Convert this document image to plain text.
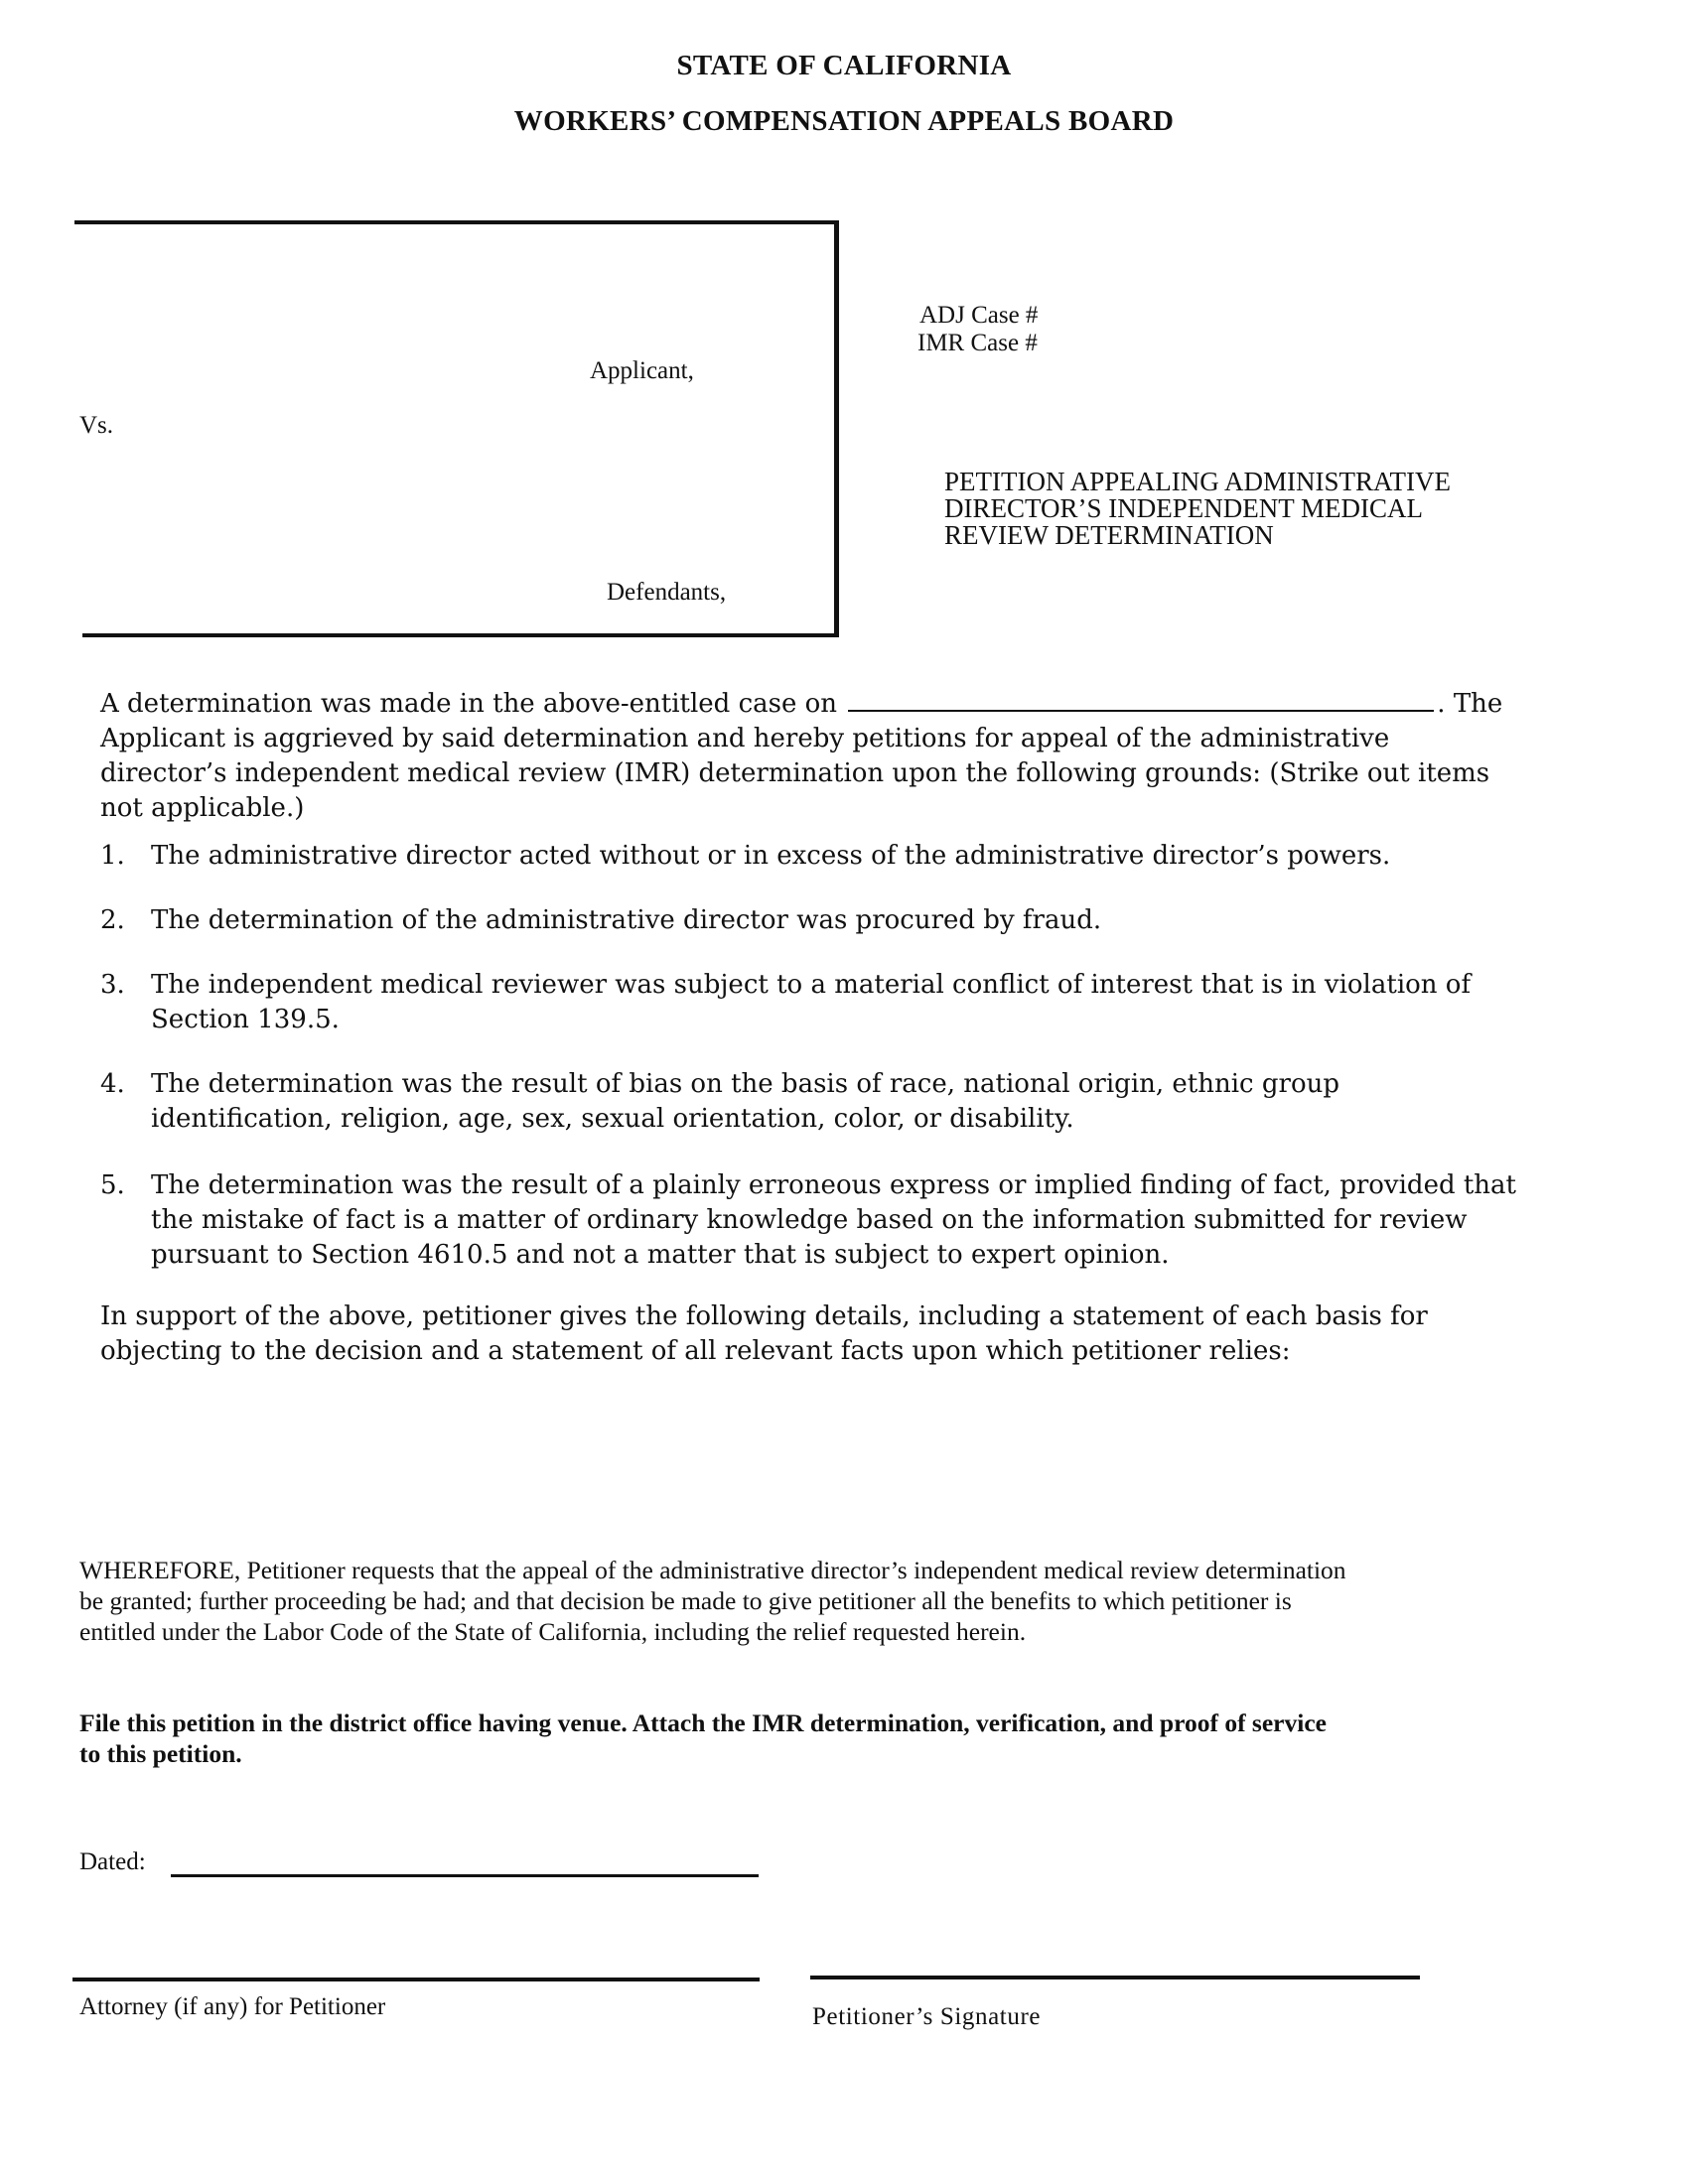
STATE OF CALIFORNIA
WORKERS’ COMPENSATION APPEALS BOARD
Applicant,
Vs.
Defendants,
ADJ Case #
IMR Case #
PETITION APPEALING ADMINISTRATIVE
DIRECTOR’S INDEPENDENT MEDICAL
REVIEW DETERMINATION
A determination was made in the above-entitled case on	. The
Applicant is aggrieved by said determination and hereby petitions for appeal of the administrative
director’s independent medical review (IMR) determination upon the following grounds: (Strike out items
not applicable.)
1.	The administrative director acted without or in excess of the administrative director’s powers.
2.	The determination of the administrative director was procured by fraud.
3.	The independent medical reviewer was subject to a material conflict of interest that is in violation of
Section 139.5.
4.	The determination was the result of bias on the basis of race, national origin, ethnic group
identification, religion, age, sex, sexual orientation, color, or disability.
5.	The determination was the result of a plainly erroneous express or implied finding of fact, provided that
the mistake of fact is a matter of ordinary knowledge based on the information submitted for review
pursuant to Section 4610.5 and not a matter that is subject to expert opinion.
In support of the above, petitioner gives the following details, including a statement of each basis for
objecting to the decision and a statement of all relevant facts upon which petitioner relies:
WHEREFORE, Petitioner requests that the appeal of the administrative director’s independent medical review determination
be granted; further proceeding be had; and that decision be made to give petitioner all the benefits to which petitioner is
entitled under the Labor Code of the State of California, including the relief requested herein.
File this petition in the district office having venue. Attach the IMR determination, verification, and proof of service
to this petition.
Dated:
Attorney (if any) for Petitioner	Petitioner’s Signature
